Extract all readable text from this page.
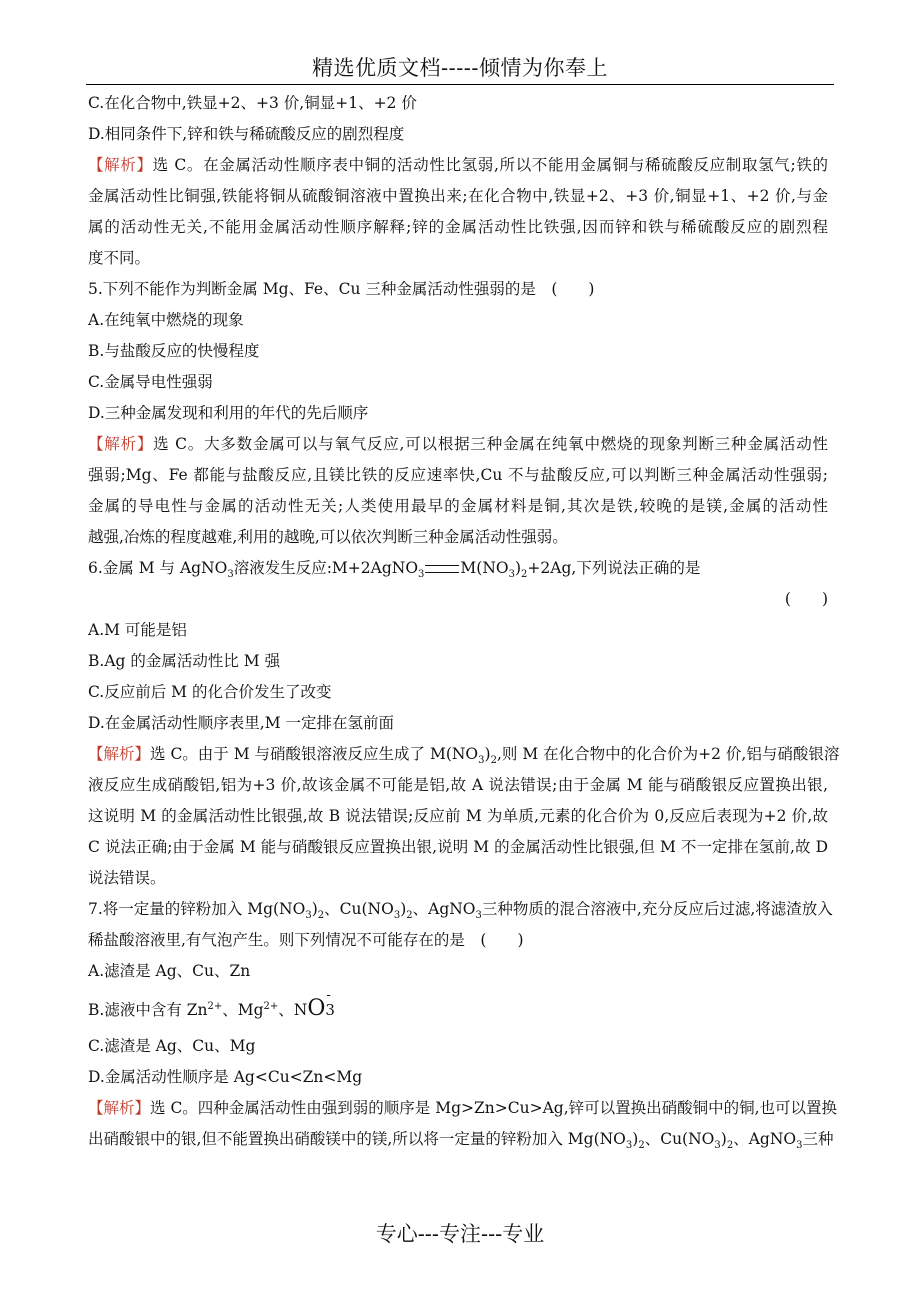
精选优质文档-----倾情为你奉上
C.在化合物中,铁显+2、+3 价,铜显+1、+2 价
D.相同条件下,锌和铁与稀硫酸反应的剧烈程度
【解析】选 C。在金属活动性顺序表中铜的活动性比氢弱,所以不能用金属铜与稀硫酸反应制取氢气;铁的
金属活动性比铜强,铁能将铜从硫酸铜溶液中置换出来;在化合物中,铁显+2、+3 价,铜显+1、+2 价,与金
属的活动性无关,不能用金属活动性顺序解释;锌的金属活动性比铁强,因而锌和铁与稀硫酸反应的剧烈程
度不同。
5.下列不能作为判断金属 Mg、Fe、Cu 三种金属活动性强弱的是　(　　)
A.在纯氧中燃烧的现象
B.与盐酸反应的快慢程度
C.金属导电性强弱
D.三种金属发现和利用的年代的先后顺序
【解析】选 C。大多数金属可以与氧气反应,可以根据三种金属在纯氧中燃烧的现象判断三种金属活动性
强弱;Mg、Fe 都能与盐酸反应,且镁比铁的反应速率快,Cu 不与盐酸反应,可以判断三种金属活动性强弱;
金属的导电性与金属的活动性无关;人类使用最早的金属材料是铜,其次是铁,较晚的是镁,金属的活动性
越强,冶炼的程度越难,利用的越晚,可以依次判断三种金属活动性强弱。
6.金属 M 与 AgNO$_3$溶液发生反应:M+2AgNO$_3$ $M(NO_3)_2+2Ag$,下列说法正确的是
(　　)
A.M 可能是铝
B.Ag 的金属活动性比 M 强
C.反应前后 M 的化合价发生了改变
D.在金属活动性顺序表里,M 一定排在氢前面
【解析】选 C。由于 M 与硝酸银溶液反应生成了 $M(NO_3)_2$,则 M 在化合物中的化合价为+2 价,铝与硝酸银溶
液反应生成硝酸铝,铝为+3 价,故该金属不可能是铝,故 A 说法错误;由于金属 M 能与硝酸银反应置换出银,
这说明 M 的金属活动性比银强,故 B 说法错误;反应前 M 为单质,元素的化合价为 0,反应后表现为+2 价,故
C 说法正确;由于金属 M 能与硝酸银反应置换出银,说明 M 的金属活动性比银强,但 M 不一定排在氢前,故 D
说法错误。
7.将一定量的锌粉加入 $Mg(NO_3)_2$、$Cu(NO_3)_2$、AgNO$_3$三种物质的混合溶液中,充分反应后过滤,将滤渣放入
稀盐酸溶液里,有气泡产生。则下列情况不可能存在的是　(　　)
A.滤渣是 Ag、Cu、Zn
B.滤液中含有 $Zn^{2+}$、$Mg^{2+}$、NO
-
3
C.滤渣是 Ag、Cu、Mg
D.金属活动性顺序是 Ag<Cu<Zn<Mg
【解析】选 C。四种金属活动性由强到弱的顺序是 Mg>Zn>Cu>Ag,锌可以置换出硝酸铜中的铜,也可以置换
出硝酸银中的银,但不能置换出硝酸镁中的镁,所以将一定量的锌粉加入 $Mg(NO_3)_2$、$Cu(NO_3)_2$、AgNO$_3$三种
专心---专注---专业
